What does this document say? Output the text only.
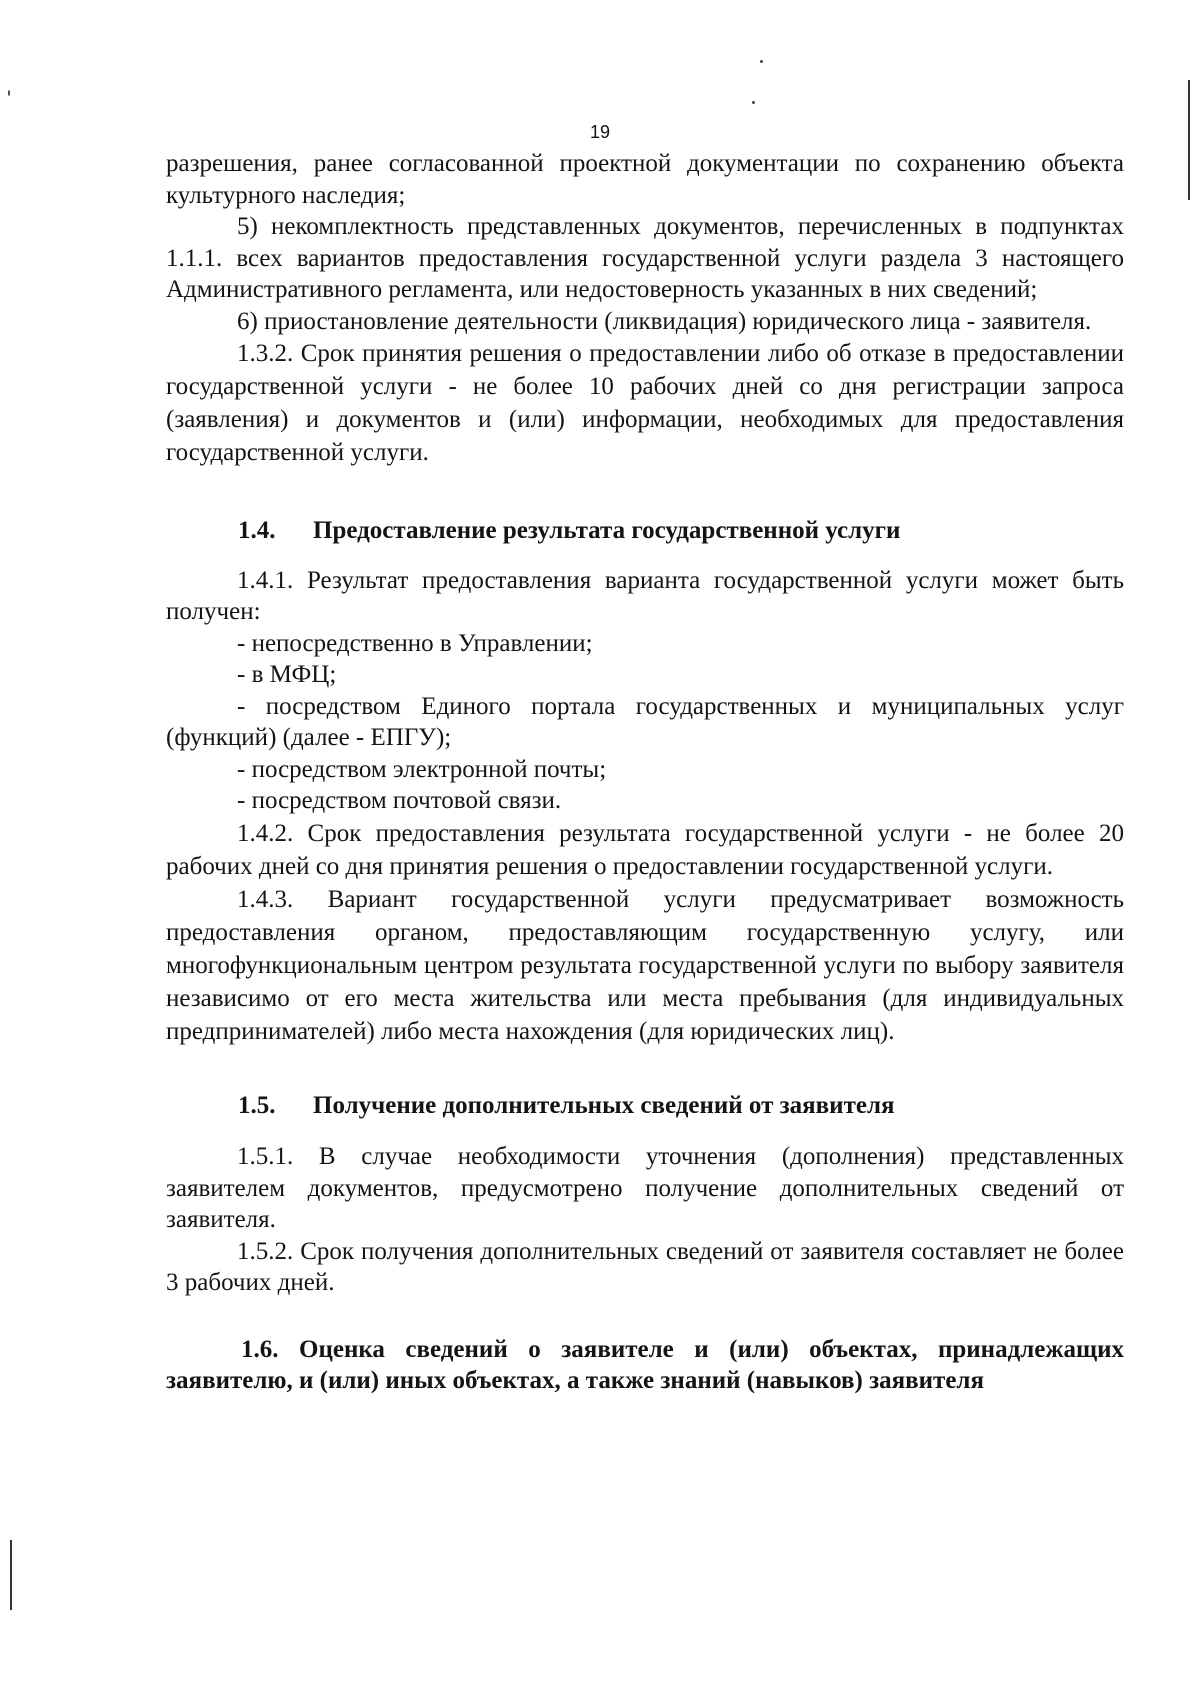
19

разрешения, ранее согласованной проектной документации по сохранению объекта культурного наследия;

5) некомплектность представленных документов, перечисленных в подпунктах 1.1.1. всех вариантов предоставления государственной услуги раздела 3 настоящего Административного регламента, или недостоверность указанных в них сведений;

6) приостановление деятельности (ликвидация) юридического лица - заявителя.

1.3.2. Срок принятия решения о предоставлении либо об отказе в предоставлении государственной услуги - не более 10 рабочих дней со дня регистрации запроса (заявления) и документов и (или) информации, необходимых для предоставления государственной услуги.

1.4. Предоставление результата государственной услуги

1.4.1. Результат предоставления варианта государственной услуги может быть получен:

- непосредственно в Управлении;

- в МФЦ;

- посредством Единого портала государственных и муниципальных услуг (функций) (далее - ЕПГУ);

- посредством электронной почты;

- посредством почтовой связи.

1.4.2. Срок предоставления результата государственной услуги - не более 20 рабочих дней со дня принятия решения о предоставлении государственной услуги.

1.4.3. Вариант государственной услуги предусматривает возможность предоставления органом, предоставляющим государственную услугу, или многофункциональным центром результата государственной услуги по выбору заявителя независимо от его места жительства или места пребывания (для индивидуальных предпринимателей) либо места нахождения (для юридических лиц).

1.5. Получение дополнительных сведений от заявителя

1.5.1. В случае необходимости уточнения (дополнения) представленных заявителем документов, предусмотрено получение дополнительных сведений от заявителя.

1.5.2. Срок получения дополнительных сведений от заявителя составляет не более 3 рабочих дней.

1.6. Оценка сведений о заявителе и (или) объектах, принадлежащих заявителю, и (или) иных объектах, а также знаний (навыков) заявителя
